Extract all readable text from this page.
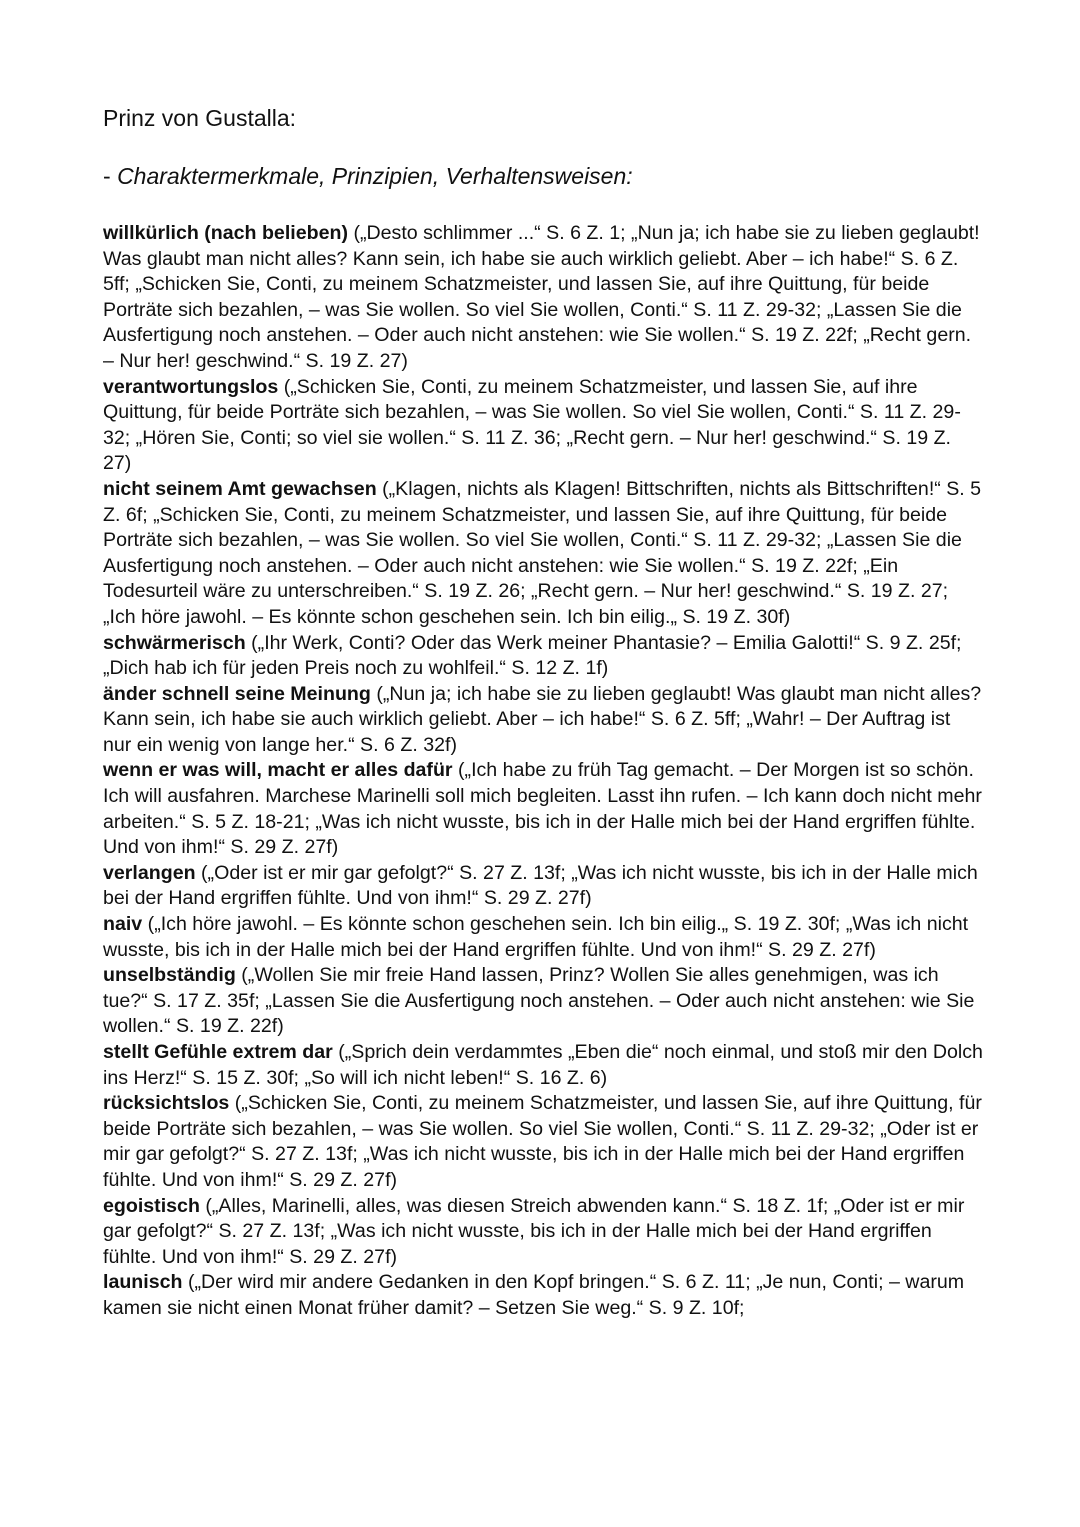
Prinz von Gustalla:
- Charaktermerkmale, Prinzipien, Verhaltensweisen:
willkürlich (nach belieben) („Desto schlimmer ...“ S. 6 Z. 1; „Nun ja; ich habe sie zu lieben geglaubt! Was glaubt man nicht alles? Kann sein, ich habe sie auch wirklich geliebt. Aber – ich habe!“ S. 6 Z. 5ff; „Schicken Sie, Conti, zu meinem Schatzmeister, und lassen Sie, auf ihre Quittung, für beide Porträte sich bezahlen, – was Sie wollen. So viel Sie wollen, Conti.“ S. 11 Z. 29-32; „Lassen Sie die Ausfertigung noch anstehen. – Oder auch nicht anstehen: wie Sie wollen.“ S. 19 Z. 22f; „Recht gern. – Nur her! geschwind.“ S. 19 Z. 27)
verantwortungslos („Schicken Sie, Conti, zu meinem Schatzmeister, und lassen Sie, auf ihre Quittung, für beide Porträte sich bezahlen, – was Sie wollen. So viel Sie wollen, Conti.“ S. 11 Z. 29-32; „Hören Sie, Conti; so viel sie wollen.“ S. 11 Z. 36; „Recht gern. – Nur her! geschwind.“ S. 19 Z. 27)
nicht seinem Amt gewachsen („Klagen, nichts als Klagen! Bittschriften, nichts als Bittschriften!“ S. 5 Z. 6f; „Schicken Sie, Conti, zu meinem Schatzmeister, und lassen Sie, auf ihre Quittung, für beide Porträte sich bezahlen, – was Sie wollen. So viel Sie wollen, Conti.“ S. 11 Z. 29-32; „Lassen Sie die Ausfertigung noch anstehen. – Oder auch nicht anstehen: wie Sie wollen.“ S. 19 Z. 22f; „Ein Todesurteil wäre zu unterschreiben.“ S. 19 Z. 26; „Recht gern. – Nur her! geschwind.“ S. 19 Z. 27; „Ich höre jawohl. – Es könnte schon geschehen sein. Ich bin eilig.„ S. 19 Z. 30f)
schwärmerisch („Ihr Werk, Conti? Oder das Werk meiner Phantasie? – Emilia Galotti!“ S. 9 Z. 25f; „Dich hab ich für jeden Preis noch zu wohlfeil.“ S. 12 Z. 1f)
änder schnell seine Meinung („Nun ja; ich habe sie zu lieben geglaubt! Was glaubt man nicht alles? Kann sein, ich habe sie auch wirklich geliebt. Aber – ich habe!“ S. 6 Z. 5ff; „Wahr! – Der Auftrag ist nur ein wenig von lange her.“ S. 6 Z. 32f)
wenn er was will, macht er alles dafür („Ich habe zu früh Tag gemacht. – Der Morgen ist so schön. Ich will ausfahren. Marchese Marinelli soll mich begleiten. Lasst ihn rufen. – Ich kann doch nicht mehr arbeiten.“ S. 5 Z. 18-21; „Was ich nicht wusste, bis ich in der Halle mich bei der Hand ergriffen fühlte. Und von ihm!“ S. 29 Z. 27f)
verlangen („Oder ist er mir gar gefolgt?“ S. 27 Z. 13f; „Was ich nicht wusste, bis ich in der Halle mich bei der Hand ergriffen fühlte. Und von ihm!“ S. 29 Z. 27f)
naiv („Ich höre jawohl. – Es könnte schon geschehen sein. Ich bin eilig.„ S. 19 Z. 30f; „Was ich nicht wusste, bis ich in der Halle mich bei der Hand ergriffen fühlte. Und von ihm!“ S. 29 Z. 27f)
unselbständig („Wollen Sie mir freie Hand lassen, Prinz? Wollen Sie alles genehmigen, was ich tue?“ S. 17 Z. 35f; „Lassen Sie die Ausfertigung noch anstehen. – Oder auch nicht anstehen: wie Sie wollen.“ S. 19 Z. 22f)
stellt Gefühle extrem dar („Sprich dein verdammtes „Eben die“ noch einmal, und stoß mir den Dolch ins Herz!“ S. 15 Z. 30f; „So will ich nicht leben!“ S. 16 Z. 6)
rücksichtslos („Schicken Sie, Conti, zu meinem Schatzmeister, und lassen Sie, auf ihre Quittung, für beide Porträte sich bezahlen, – was Sie wollen. So viel Sie wollen, Conti.“ S. 11 Z. 29-32; „Oder ist er mir gar gefolgt?“ S. 27 Z. 13f; „Was ich nicht wusste, bis ich in der Halle mich bei der Hand ergriffen fühlte. Und von ihm!“ S. 29 Z. 27f)
egoistisch („Alles, Marinelli, alles, was diesen Streich abwenden kann.“ S. 18 Z. 1f; „Oder ist er mir gar gefolgt?“ S. 27 Z. 13f; „Was ich nicht wusste, bis ich in der Halle mich bei der Hand ergriffen fühlte. Und von ihm!“ S. 29 Z. 27f)
launisch („Der wird mir andere Gedanken in den Kopf bringen.“ S. 6 Z. 11; „Je nun, Conti; – warum kamen sie nicht einen Monat früher damit? – Setzen Sie weg.“ S. 9 Z. 10f;
